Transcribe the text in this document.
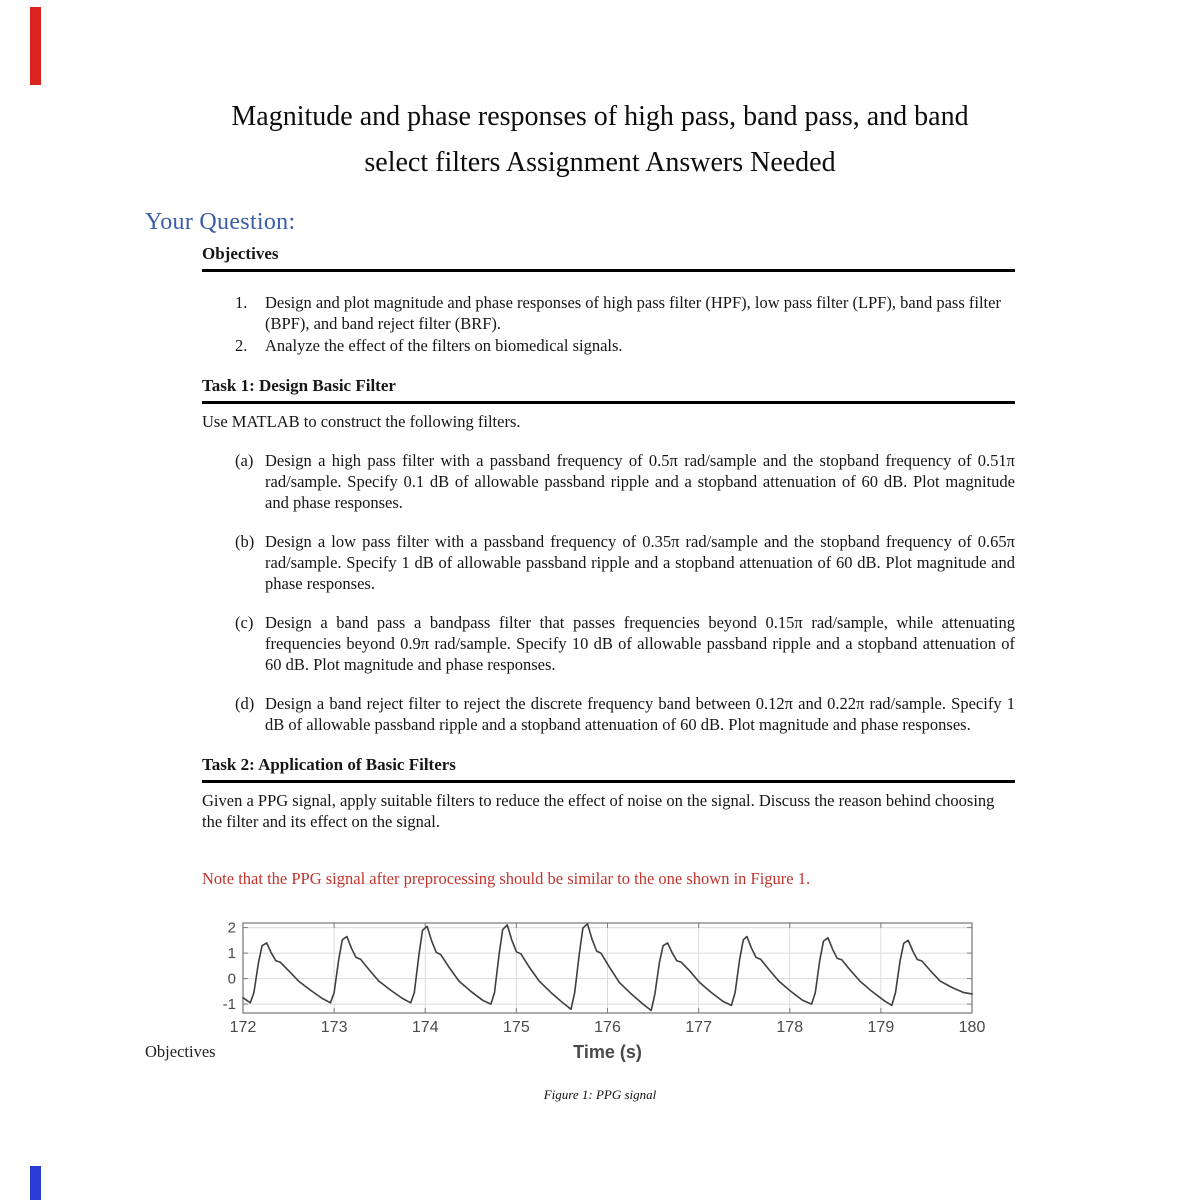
Magnitude and phase responses of high pass, band pass, and band
select filters Assignment Answers Needed
Your Question:
Objectives
1.	Design and plot magnitude and phase responses of high pass filter (HPF), low pass filter (LPF), band pass filter (BPF), and band reject filter (BRF).
2.	Analyze the effect of the filters on biomedical signals.
Task 1: Design Basic Filter

Use MATLAB to construct the following filters.

(a) Design a high pass filter with a passband frequency of 0.5π rad/sample and the stopband frequency of 0.51π rad/sample. Specify 0.1 dB of allowable passband ripple and a stopband attenuation of 60 dB. Plot magnitude and phase responses.
(b) Design a low pass filter with a passband frequency of 0.35π rad/sample and the stopband frequency of 0.65π rad/sample. Specify 1 dB of allowable passband ripple and a stopband attenuation of 60 dB. Plot magnitude and phase responses.
(c) Design a band pass a bandpass filter that passes frequencies beyond 0.15π rad/sample, while attenuating frequencies beyond 0.9π rad/sample. Specify 10 dB of allowable passband ripple and a stopband attenuation of 60 dB. Plot magnitude and phase responses.
(d) Design a band reject filter to reject the discrete frequency band between 0.12π and 0.22π rad/sample. Specify 1 dB of allowable passband ripple and a stopband attenuation of 60 dB. Plot magnitude and phase responses.
Task 2: Application of Basic Filters

Given a PPG signal, apply suitable filters to reduce the effect of noise on the signal. Discuss the reason behind choosing the filter and its effect on the signal.

Note that the PPG signal after preprocessing should be similar to the one shown in Figure 1.

172	173	174	175	176	177	178	179	180
-1
0
1
2
Time (s)
Figure 1: PPG signal
Objectives
